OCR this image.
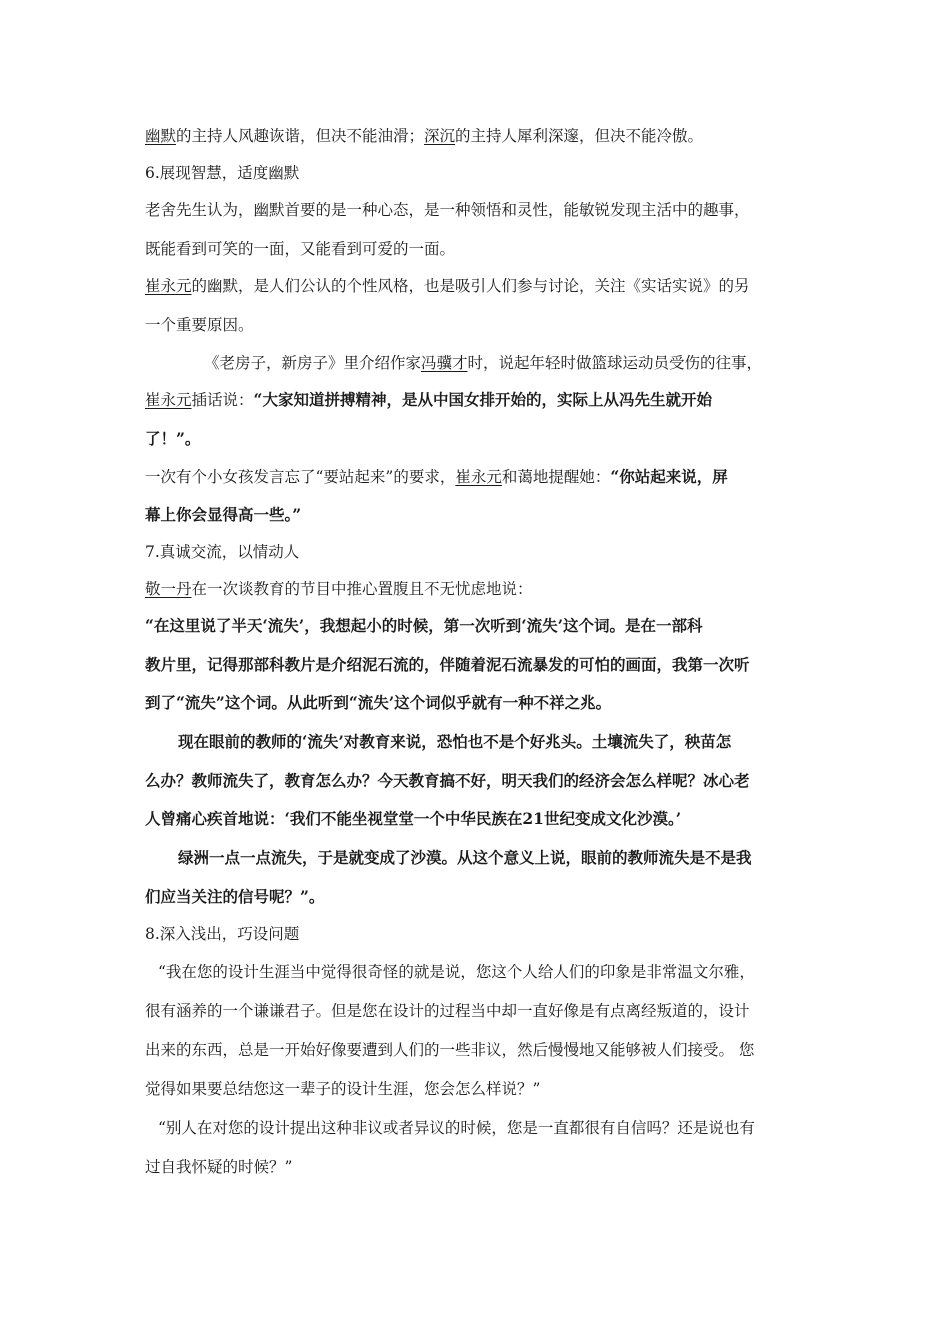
幽默的主持人风趣诙谐，但决不能油滑；深沉的主持人犀利深邃，但决不能冷傲。
6.展现智慧，适度幽默
老舍先生认为，幽默首要的是一种心态，是一种领悟和灵性，能敏锐发现主活中的趣事，
既能看到可笑的一面，又能看到可爱的一面。
崔永元的幽默，是人们公认的个性风格，也是吸引人们参与讨论，关注《实话实说》的另
一个重要原因。
《老房子，新房子》里介绍作家冯骥才时，说起年轻时做篮球运动员受伤的往事，
崔永元插话说：“大家知道拼搏精神，是从中国女排开始的，实际上从冯先生就开始
了！”。
一次有个小女孩发言忘了“要站起来”的要求，崔永元和蔼地提醒她：“你站起来说，屏
幕上你会显得高一些。”
7.真诚交流，以情动人
敬一丹在一次谈教育的节目中推心置腹且不无忧虑地说：
“在这里说了半天‘流失’，我想起小的时候，第一次听到‘流失’这个词。是在一部科
教片里，记得那部科教片是介绍泥石流的，伴随着泥石流暴发的可怕的画面，我第一次听
到了“流失”这个词。从此听到“流失’这个词似乎就有一种不祥之兆。
现在眼前的教师的‘流失’对教育来说，恐怕也不是个好兆头。土壤流失了，秧苗怎
么办？教师流失了，教育怎么办？今天教育搞不好，明天我们的经济会怎么样呢？冰心老
人曾痛心疾首地说：‘我们不能坐视堂堂一个中华民族在21世纪变成文化沙漠。’
绿洲一点一点流失，于是就变成了沙漠。从这个意义上说，眼前的教师流失是不是我
们应当关注的信号呢？”。
8.深入浅出，巧设问题
“我在您的设计生涯当中觉得很奇怪的就是说，您这个人给人们的印象是非常温文尔雅，
很有涵养的一个谦谦君子。但是您在设计的过程当中却一直好像是有点离经叛道的，设计
出来的东西，总是一开始好像要遭到人们的一些非议，然后慢慢地又能够被人们接受。 您
觉得如果要总结您这一辈子的设计生涯，您会怎么样说？”
“别人在对您的设计提出这种非议或者异议的时候，您是一直都很有自信吗？还是说也有
过自我怀疑的时候？”
